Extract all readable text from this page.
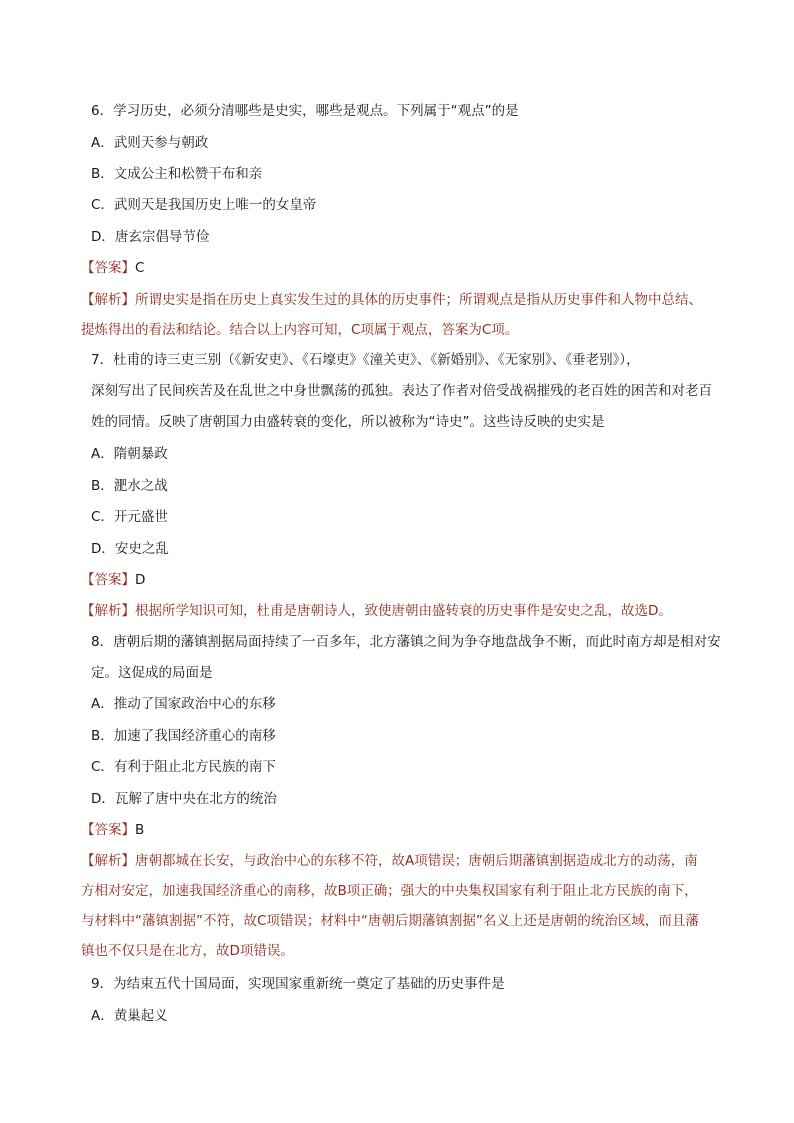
6．学习历史，必须分清哪些是史实，哪些是观点。下列属于“观点”的是
A．武则天参与朝政
B．文成公主和松赞干布和亲
C．武则天是我国历史上唯一的女皇帝
D．唐玄宗倡导节俭
【答案】C
【解析】所谓史实是指在历史上真实发生过的具体的历史事件；所谓观点是指从历史事件和人物中总结、
提炼得出的看法和结论。结合以上内容可知，C项属于观点，答案为C项。
7．杜甫的诗三吏三别（《新安吏》、《石壕吏》《潼关吏》、《新婚别》、《无家别》、《垂老别》），
深刻写出了民间疾苦及在乱世之中身世飘荡的孤独。表达了作者对倍受战祸摧残的老百姓的困苦和对老百
姓的同情。反映了唐朝国力由盛转衰的变化，所以被称为“诗史”。这些诗反映的史实是
A．隋朝暴政
B．淝水之战
C．开元盛世
D．安史之乱
【答案】D
【解析】根据所学知识可知，杜甫是唐朝诗人，致使唐朝由盛转衰的历史事件是安史之乱，故选D。
8．唐朝后期的藩镇割据局面持续了一百多年，北方藩镇之间为争夺地盘战争不断，而此时南方却是相对安
定。这促成的局面是
A．推动了国家政治中心的东移
B．加速了我国经济重心的南移
C．有利于阻止北方民族的南下
D．瓦解了唐中央在北方的统治
【答案】B
【解析】唐朝都城在长安，与政治中心的东移不符，故A项错误；唐朝后期藩镇割据造成北方的动荡，南
方相对安定，加速我国经济重心的南移，故B项正确；强大的中央集权国家有利于阻止北方民族的南下，
与材料中“藩镇割据”不符，故C项错误；材料中“唐朝后期藩镇割据”名义上还是唐朝的统治区域，而且藩
镇也不仅只是在北方，故D项错误。
9．为结束五代十国局面，实现国家重新统一奠定了基础的历史事件是
A．黄巢起义
